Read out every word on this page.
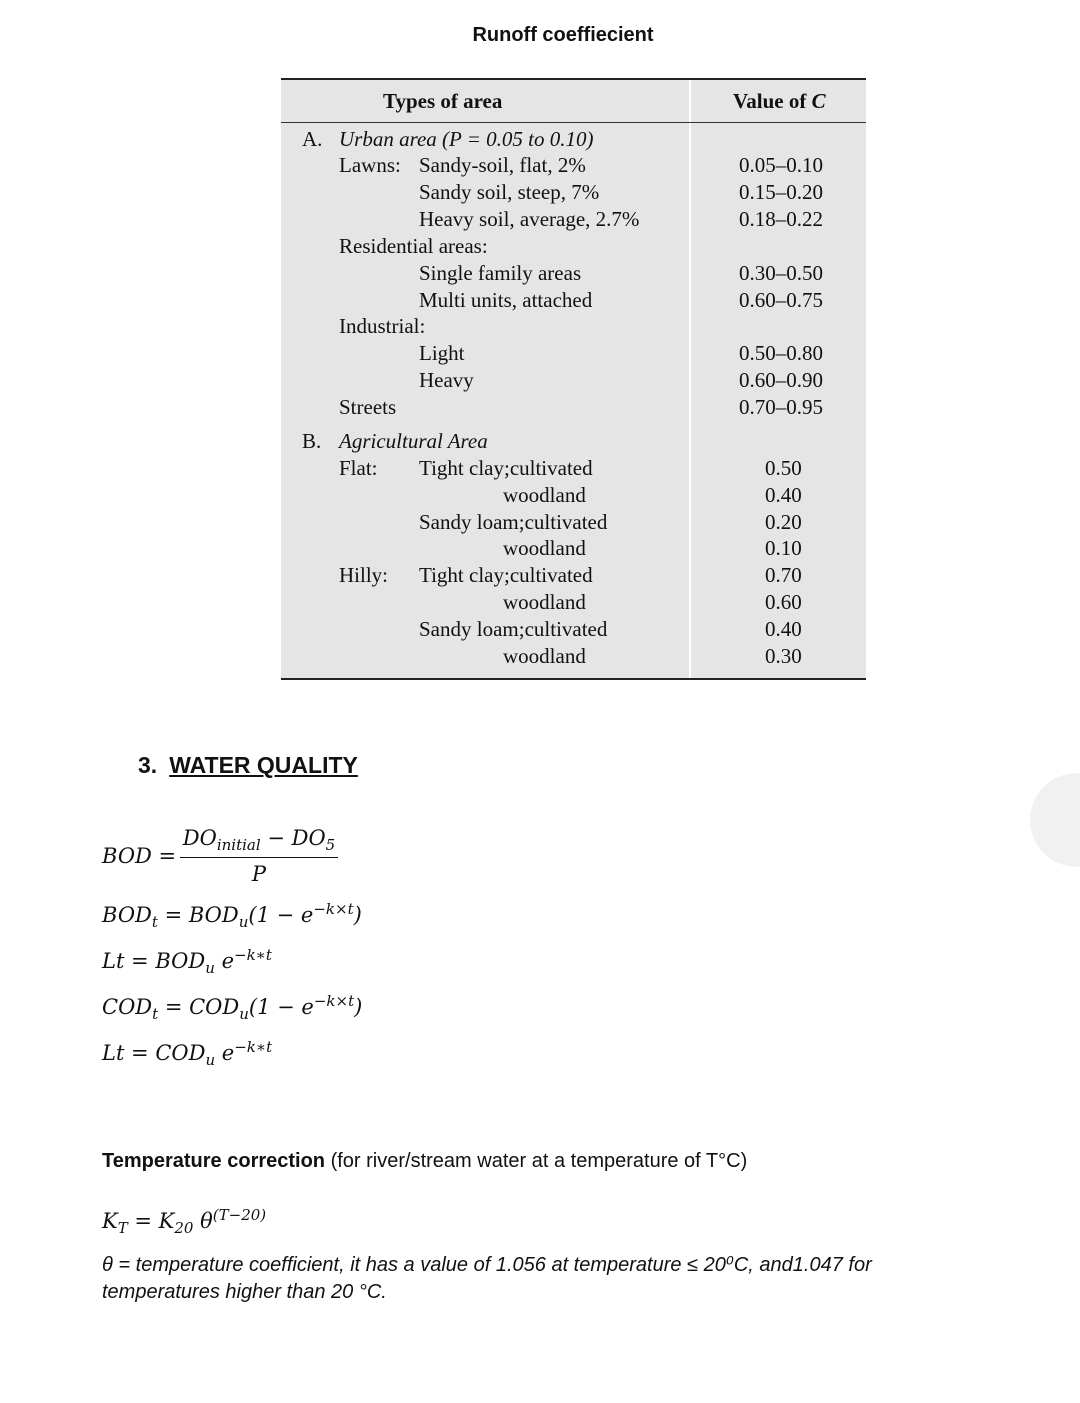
Runoff coeffiecient
Types of area	Value of C
A. Urban area (P = 0.05 to 0.10)
Lawns: Sandy-soil, flat, 2%	0.05–0.10
Sandy soil, steep, 7%	0.15–0.20
Heavy soil, average, 2.7%	0.18–0.22
Residential areas:
Single family areas	0.30–0.50
Multi units, attached	0.60–0.75
Industrial:
Light	0.50–0.80
Heavy	0.60–0.90
Streets	0.70–0.95
B. Agricultural Area
Flat: Tight clay;cultivated	0.50
woodland	0.40
Sandy loam;cultivated	0.20
woodland	0.10
Hilly: Tight clay;cultivated	0.70
woodland	0.60
Sandy loam;cultivated	0.40
woodland	0.30
3. WATER QUALITY
BOD =
$DO_{initial} - DO_5$
P
$BOD_t = BOD_u(1 - e^{-k\times t})$
$Lt = BOD_u$ $e^{-k∗t}$
$COD_t = COD_u(1 - e^{-k\times t})$
$Lt = COD_u$ $e^{-k∗t}$
Temperature correction (for river/stream water at a temperature of T°C)
$K_T = K_{20}$ $\theta^{(T-20)}$
θ = temperature coefficient, it has a value of 1.056 at temperature ≤ 20⁰C, and1.047 for temperatures higher than 20 °C.
